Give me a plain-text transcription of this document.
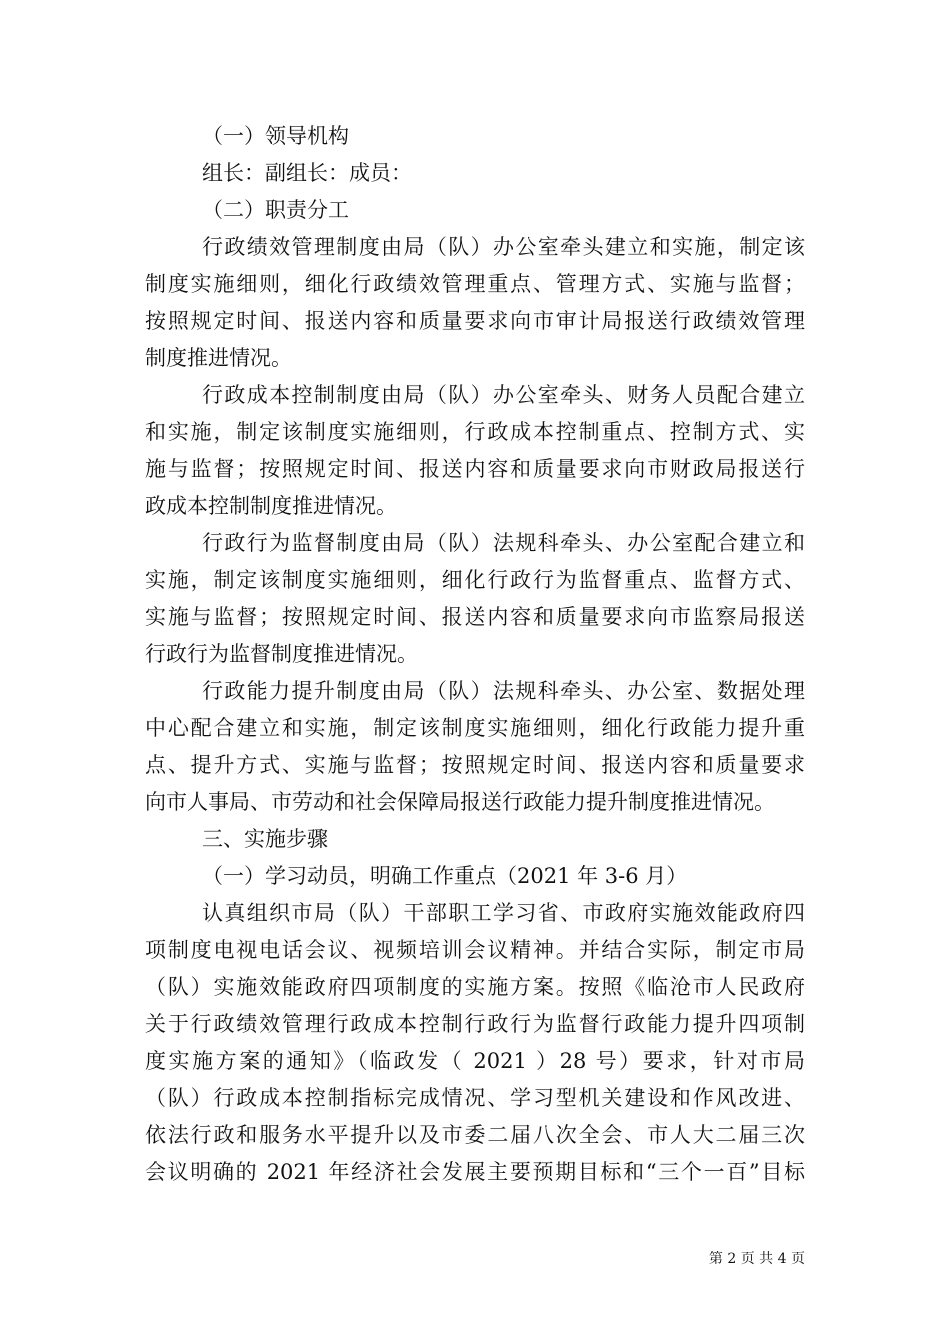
（一）领导机构
组长：副组长：成员：
（二）职责分工
行政绩效管理制度由局（队）办公室牵头建立和实施，制定该
制度实施细则，细化行政绩效管理重点、管理方式、实施与监督；
按照规定时间、报送内容和质量要求向市审计局报送行政绩效管理
制度推进情况。
行政成本控制制度由局（队）办公室牵头、财务人员配合建立
和实施，制定该制度实施细则，行政成本控制重点、控制方式、实
施与监督；按照规定时间、报送内容和质量要求向市财政局报送行
政成本控制制度推进情况。
行政行为监督制度由局（队）法规科牵头、办公室配合建立和
实施，制定该制度实施细则，细化行政行为监督重点、监督方式、
实施与监督；按照规定时间、报送内容和质量要求向市监察局报送
行政行为监督制度推进情况。
行政能力提升制度由局（队）法规科牵头、办公室、数据处理
中心配合建立和实施，制定该制度实施细则，细化行政能力提升重
点、提升方式、实施与监督；按照规定时间、报送内容和质量要求
向市人事局、市劳动和社会保障局报送行政能力提升制度推进情况。
三、实施步骤
（一）学习动员，明确工作重点（2021 年 3-6 月）
认真组织市局（队）干部职工学习省、市政府实施效能政府四
项制度电视电话会议、视频培训会议精神。并结合实际，制定市局
（队）实施效能政府四项制度的实施方案。按照《临沧市人民政府
关于行政绩效管理行政成本控制行政行为监督行政能力提升四项制
度实施方案的通知》（临政发（ 2021 ）28 号）要求，针对市局
（队）行政成本控制指标完成情况、学习型机关建设和作风改进、
依法行政和服务水平提升以及市委二届八次全会、市人大二届三次
会议明确的 2021 年经济社会发展主要预期目标和“三个一百”目标
第 2 页 共 4 页
